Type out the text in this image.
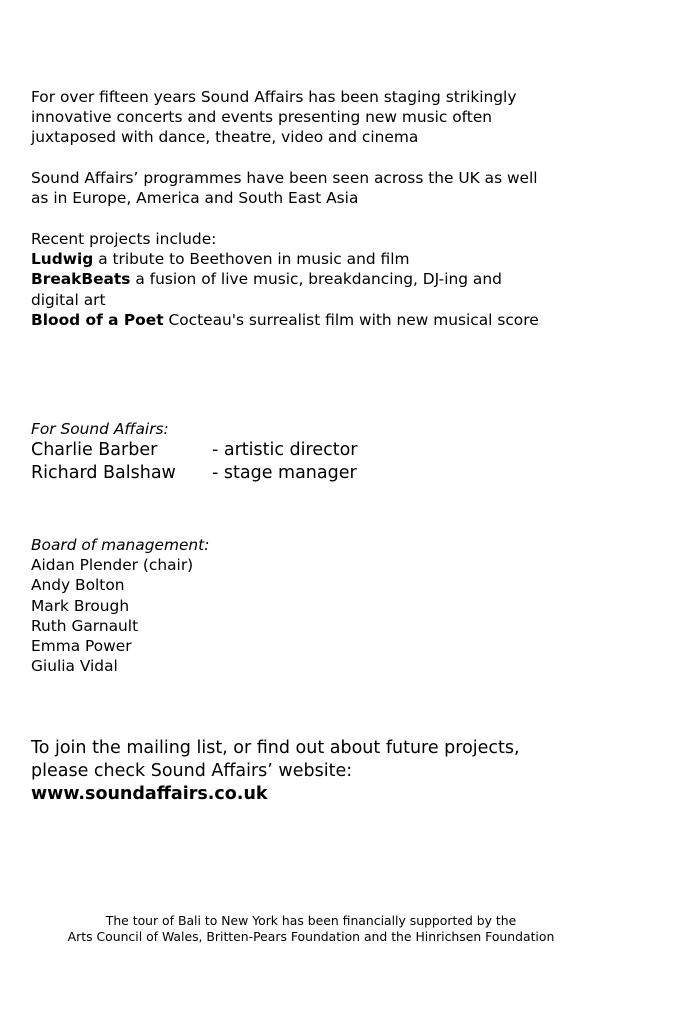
For over fifteen years Sound Affairs has been staging strikingly
innovative concerts and events presenting new music often
juxtaposed with dance, theatre, video and cinema
Sound Affairs’ programmes have been seen across the UK as well
as in Europe, America and South East Asia
Recent projects include:
Ludwig a tribute to Beethoven in music and film
BreakBeats a fusion of live music, breakdancing, DJ-ing and
digital art
Blood of a Poet Cocteau's surrealist film with new musical score
For Sound Affairs:
Charlie Barber	- artistic director
Richard Balshaw	- stage manager
Board of management:
Aidan Plender (chair)
Andy Bolton
Mark Brough
Ruth Garnault
Emma Power
Giulia Vidal
To join the mailing list, or find out about future projects,
please check Sound Affairs’ website:
www.soundaffairs.co.uk
The tour of Bali to New York has been financially supported by the
Arts Council of Wales, Britten-Pears Foundation and the Hinrichsen Foundation
